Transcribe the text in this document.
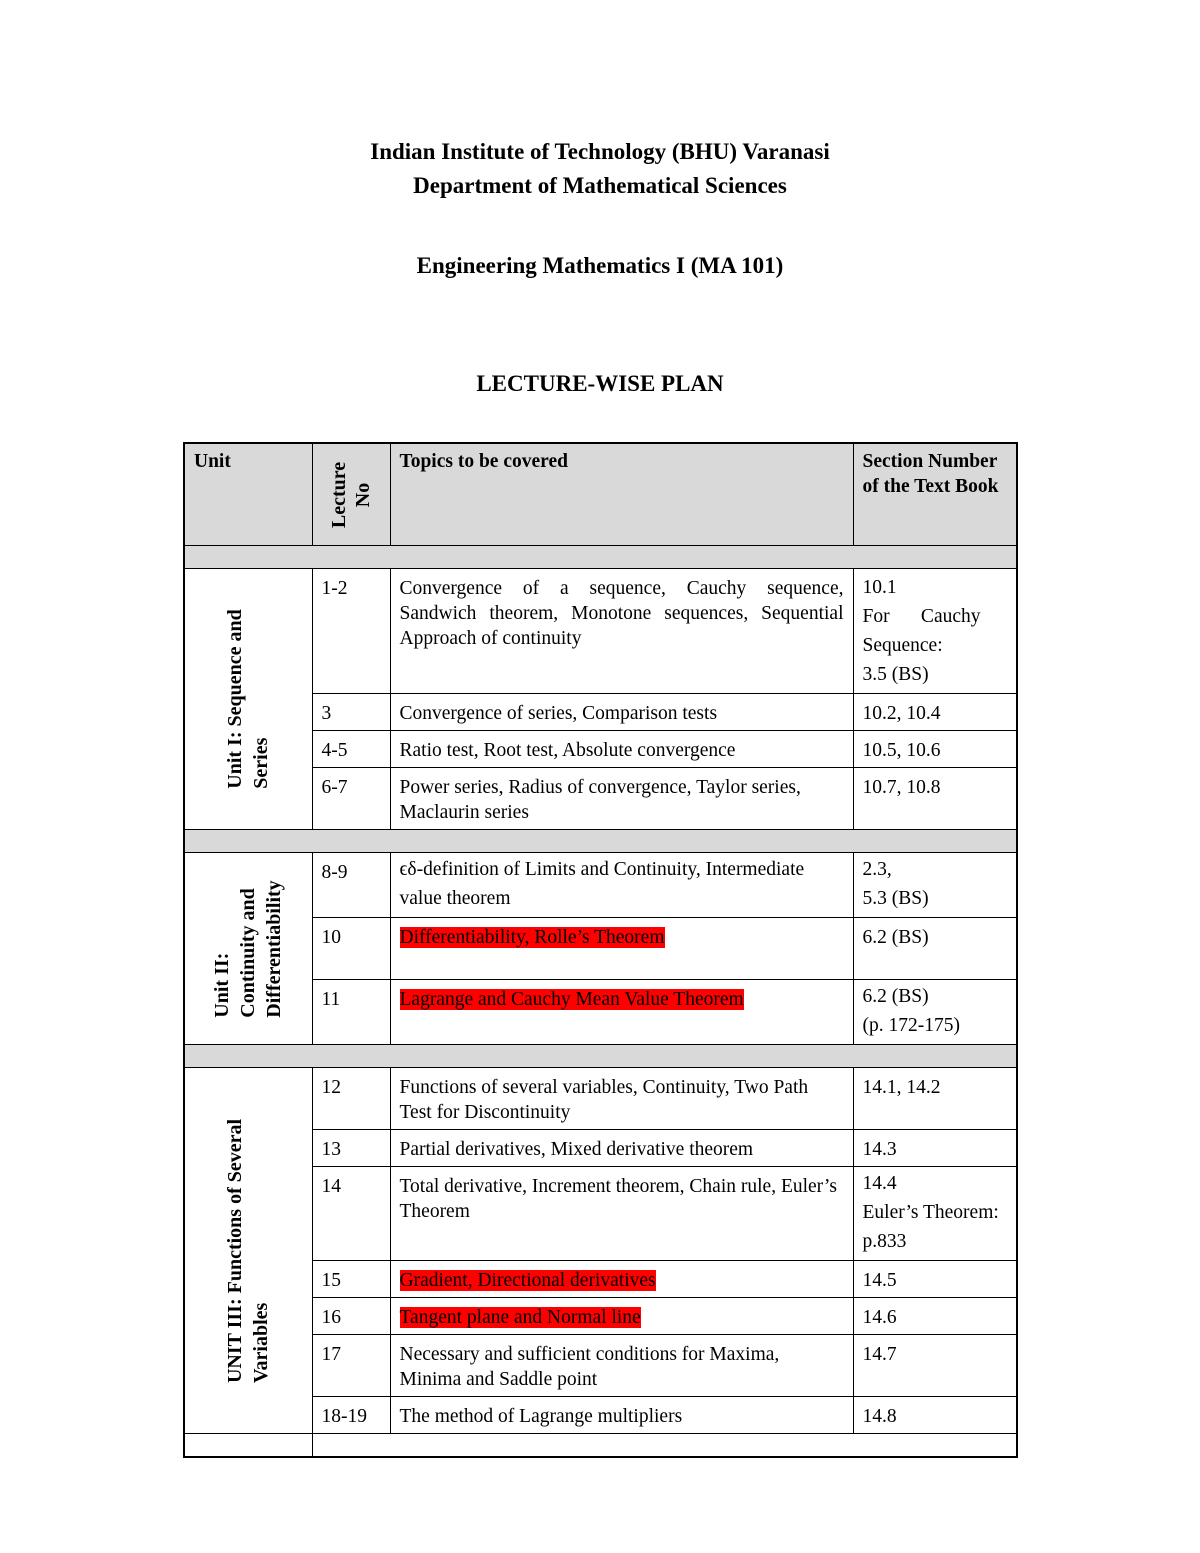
Indian Institute of Technology (BHU) Varanasi
Department of Mathematical Sciences
Engineering Mathematics I (MA 101)
LECTURE-WISE PLAN
Unit	Lecture No	Topics to be covered	Section Number of the Text Book

Unit I: Sequence and Series	1-2	Convergence of a sequence, Cauchy sequence, Sandwich theorem, Monotone sequences, Sequential Approach of continuity	10.1
For Cauchy Sequence:
3.5 (BS)

	3	Convergence of series, Comparison tests	10.2, 10.4
	4-5	Ratio test, Root test, Absolute convergence	10.5, 10.6
	6-7	Power series, Radius of convergence, Taylor series, Maclaurin series	10.7, 10.8

Unit II: Continuity and Differentiability	8-9	ϵδ-definition of Limits and Continuity, Intermediate value theorem	2.3,
5.3 (BS)

	10	Differentiability, Rolle’s Theorem	6.2 (BS)
	11	Lagrange and Cauchy Mean Value Theorem	6.2 (BS)
(p. 172-175)

UNIT III: Functions of Several Variables	12	Functions of several variables, Continuity, Two Path Test for Discontinuity	14.1, 14.2
	13	Partial derivatives, Mixed derivative theorem	14.3
	14	Total derivative, Increment theorem, Chain rule, Euler’s Theorem	14.4
Euler’s Theorem: p.833

	15	Gradient, Directional derivatives	14.5
	16	Tangent plane and Normal line	14.6
	17	Necessary and sufficient conditions for Maxima, Minima and Saddle point	14.7
	18-19	The method of Lagrange multipliers	14.8
